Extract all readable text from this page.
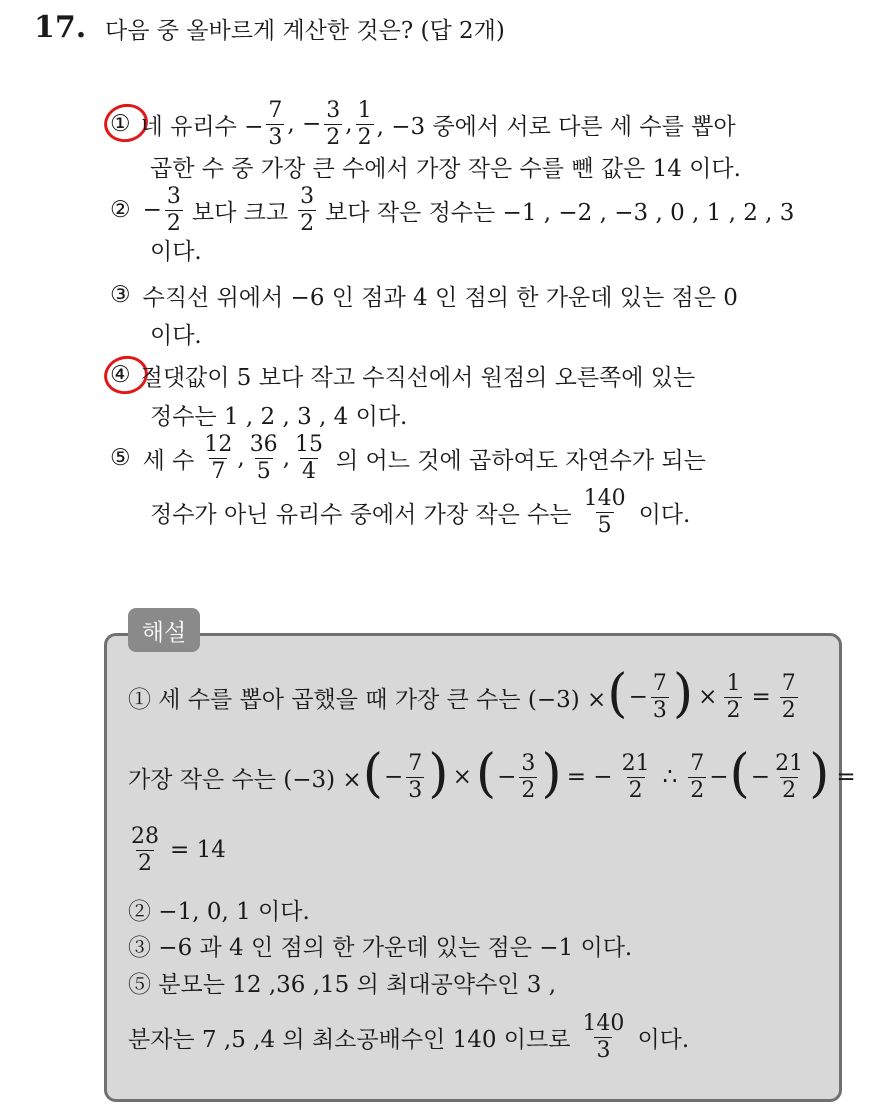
17. 다음 중 올바르게 계산한 것은? (답 2개)
① 네 유리수 − $\frac{7}{3}$ , − $\frac{3}{2}$ , $\frac{1}{2}$ , −3 중에서 서로 다른 세 수를 뽑아
곱한 수 중 가장 큰 수에서 가장 작은 수를 뺀 값은 14 이다.
② − $\frac{3}{2}$ 보다 크고 $\frac{3}{2}$ 보다 작은 정수는 −1 , −2 , −3 , 0 , 1 , 2 , 3
이다.
③ 수직선 위에서 −6 인 점과 4 인 점의 한 가운데 있는 점은 0
이다.
④ 절댓값이 5 보다 작고 수직선에서 원점의 오른쪽에 있는
정수는 1 , 2 , 3 , 4 이다.
⑤ 세 수 $\frac{12}{7}$ , $\frac{36}{5}$ , $\frac{15}{4}$ 의 어느 것에 곱하여도 자연수가 되는
정수가 아닌 유리수 중에서 가장 작은 수는 $\frac{140}{5}$ 이다.
해설
① 세 수를 뽑아 곱했을 때 가장 큰 수는 (−3) × ( − $\frac{7}{3}$ ) × $\frac{1}{2} = \frac{7}{2}$
가장 작은 수는 (−3) × ( − $\frac{7}{3}$ ) × ( − $\frac{3}{2}$ ) = − $\frac{21}{2}$ ∴ $\frac{7}{2}$ − ( − $\frac{21}{2}$ ) =
$\frac{28}{2} = 14$
② −1, 0, 1 이다.
③ −6 과 4 인 점의 한 가운데 있는 점은 −1 이다.
⑤ 분모는 12 ,36 ,15 의 최대공약수인 3 ,
분자는 7 ,5 ,4 의 최소공배수인 140 이므로 $\frac{140}{3}$ 이다.
